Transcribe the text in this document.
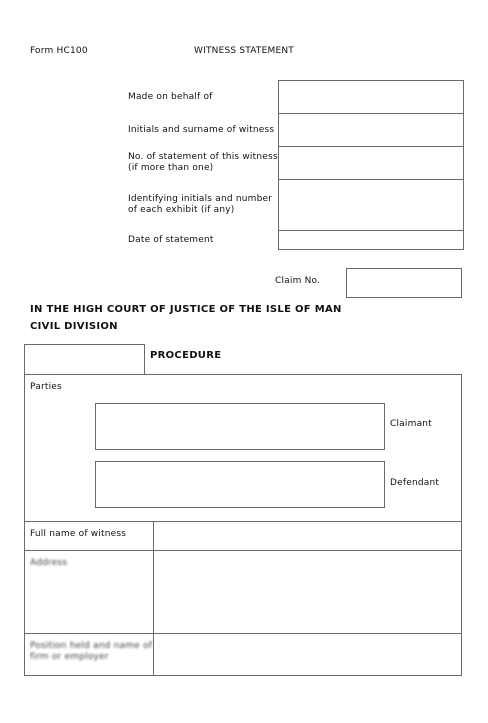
Form HC100	WITNESS STATEMENT
Made on behalf of
Initials and surname of witness
No. of statement of this witness
(if more than one)
Identifying initials and number
of each exhibit (if any)
Date of statement
Claim No.
IN THE HIGH COURT OF JUSTICE OF THE ISLE OF MAN
CIVIL DIVISION
PROCEDURE
Parties
Claimant
Defendant
Full name of witness
Address
Position held and name of
firm or employer
